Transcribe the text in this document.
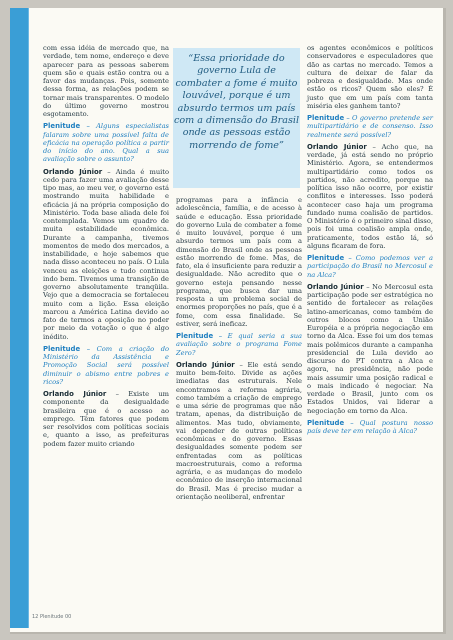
com essa idéia de mercado que, na verdade, tem nome, endereço e deve aparecer para as pessoas saberem quem são e quais estão contra ou a favor das mudanças. Pois, somente dessa forma, as relações podem se tornar mais transparentes. O modelo do último governo mostrou esgotamento.

Plenitude – Alguns especialistas falaram sobre uma possível falta de eficácia na operação política a partir do início do ano. Qual a sua avaliação sobre o assunto?

Orlando Júnior – Ainda é muito cedo para fazer uma avaliação desse tipo mas, ao meu ver, o governo está mostrando muita habilidade e eficácia já na própria composição do Ministério. Toda base aliada dele foi contemplada. Vemos um quadro de muita estabilidade econômica. Durante a campanha, tivemos momentos de medo dos mercados, a instabilidade, e hoje sabemos que nada disso aconteceu no país. O Lula venceu as eleições e tudo continua indo bem. Tivemos uma transição de governo absolutamente tranqüila. Vejo que a democracia se fortaleceu muito com a lição. Essa eleição marcou a América Latina devido ao fato de termos a oposição no poder por meio da votação o que é algo inédito.

Plenitude – Com a criação do Ministério da Assistência e Promoção Social será possível diminuir o abismo entre pobres e ricos?

Orlando Júnior – Existe um componente da desigualdade brasileira que é o acesso ao emprego. Têm fatores que podem ser resolvidos com políticas sociais e, quanto a isso, as prefeituras podem fazer muito criando

“Essa prioridade do governo Lula de combater a fome é muito louvável, porque é um absurdo termos um país com a dimensão do Brasil onde as pessoas estão morrendo de fome”

programas para a infância e adolescência, família, e de acesso à saúde e educação. Essa prioridade do governo Lula de combater a fome é muito louvável, porque é um absurdo termos um país com a dimensão do Brasil onde as pessoas estão morrendo de fome. Mas, de fato, ela é insuficiente para reduzir a desigualdade. Não acredito que o governo esteja pensando nesse programa, que busca dar uma resposta a um problema social de enormes proporções no país, que é a fome, com essa finalidade. Se estiver, será ineficaz.

Plenitude – E qual seria a sua avaliação sobre o programa Fome Zero?

Orlando Júnior – Ele está sendo muito bem-feito. Divide as ações imediatas das estruturais. Nele encontramos a reforma agrária, como também a criação de emprego e uma série de programas que não tratam, apenas, da distribuição de alimentos. Mas tudo, obviamente, vai depender de outras políticas econômicas e do governo. Essas desigualdades somente podem ser enfrentadas com as políticas macroestruturais, como a reforma agrária, e as mudanças do modelo econômico de inserção internacional do Brasil. Mas é preciso mudar a orientação neoliberal, enfrentar

os agentes econômicos e políticos conservadores e especuladores que dão as cartas no mercado. Temos a cultura de deixar de falar da pobreza e desigualdade. Mas onde estão os ricos? Quem são eles? É justo que em um país com tanta miséria eles ganhem tanto?

Plenitude – O governo pretende ser multipartidário e de consenso. Isso realmente será possível?

Orlando Júnior – Acho que, na verdade, já está sendo no próprio Ministério. Agora, se entendermos multipartidário como todos os partidos, não acredito, porque na política isso não ocorre, por existir conflitos e interesses. Isso poderá acontecer caso haja um programa fundado numa coalisão de partidos. O Ministério é o primeiro sinal disso, pois foi uma coalisão ampla onde, praticamente, todos estão lá, só alguns ficaram de fora.

Plenitude – Como podemos ver a participação do Brasil no Mercosul e na Alca?

Orlando Júnior – No Mercosul esta participação pode ser estratégica no sentido de fortalecer as relações latino-americanas, como também de outros blocos como a União Européia e a própria negociação em torno da Alca. Esse foi um dos temas mais polêmicos durante a campanha presidencial de Lula devido ao discurso do PT contra a Alca e agora, na presidência, não pode mais assumir uma posição radical e o mais indicado é negociar. Na verdade o Brasil, junto com os Estados Unidos, vai liderar a negociação em torno da Alca.

Plenitude – Qual postura nosso país deve ter em relação à Alca?

12 Plenitude 00
